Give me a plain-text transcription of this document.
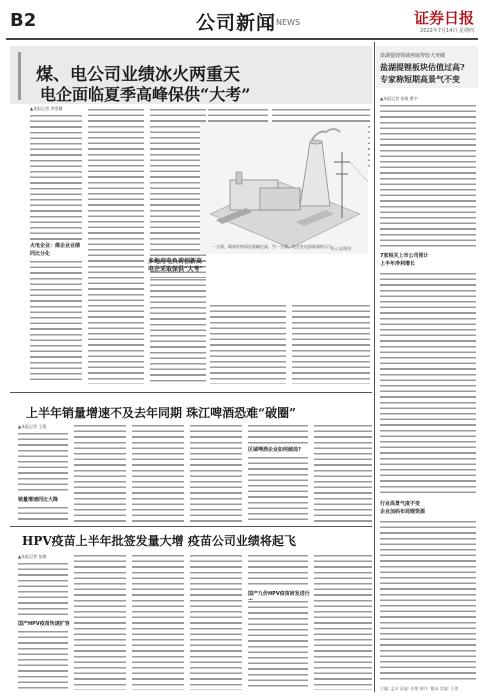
B2	公司新闻 NEWS	证券日报
2022年7月14日 星期四
煤、电公司业绩冰火两重天
电企面临夏季高峰保供“大考”
▲本报记者 李雯珊
火电企业：煤企业业绩同比分化
多地用电负荷创新高 电企采取保供“大考”
刘云龙/制图
一方面，煤炭价格同比涨幅过高，另一方面，电企发电面临保供压力
盐湖提锂领域再取得较大突破
盐湖提锂板块估值过高?
专家称短期高景气不变
▲本报记者 张敏 曹宇
7家相关上市公司预计
上半年净利增长
行业高景气度不变
企业加码布局锂资源
上半年销量增速不及去年同期 珠江啤酒恐难“破圈”
▲本报记者 王霞
销量增速同比大降
区域啤酒企业如何破局?
HPV疫苗上半年批签发量大增 疫苗公司业绩将起飞
▲本报记者 张敏
国产HPV疫苗快速扩容
国产九价HPV疫苗研发进行
主编: 孟庆 责编: 张敏 制作: 谢冰 美编: 王琪
